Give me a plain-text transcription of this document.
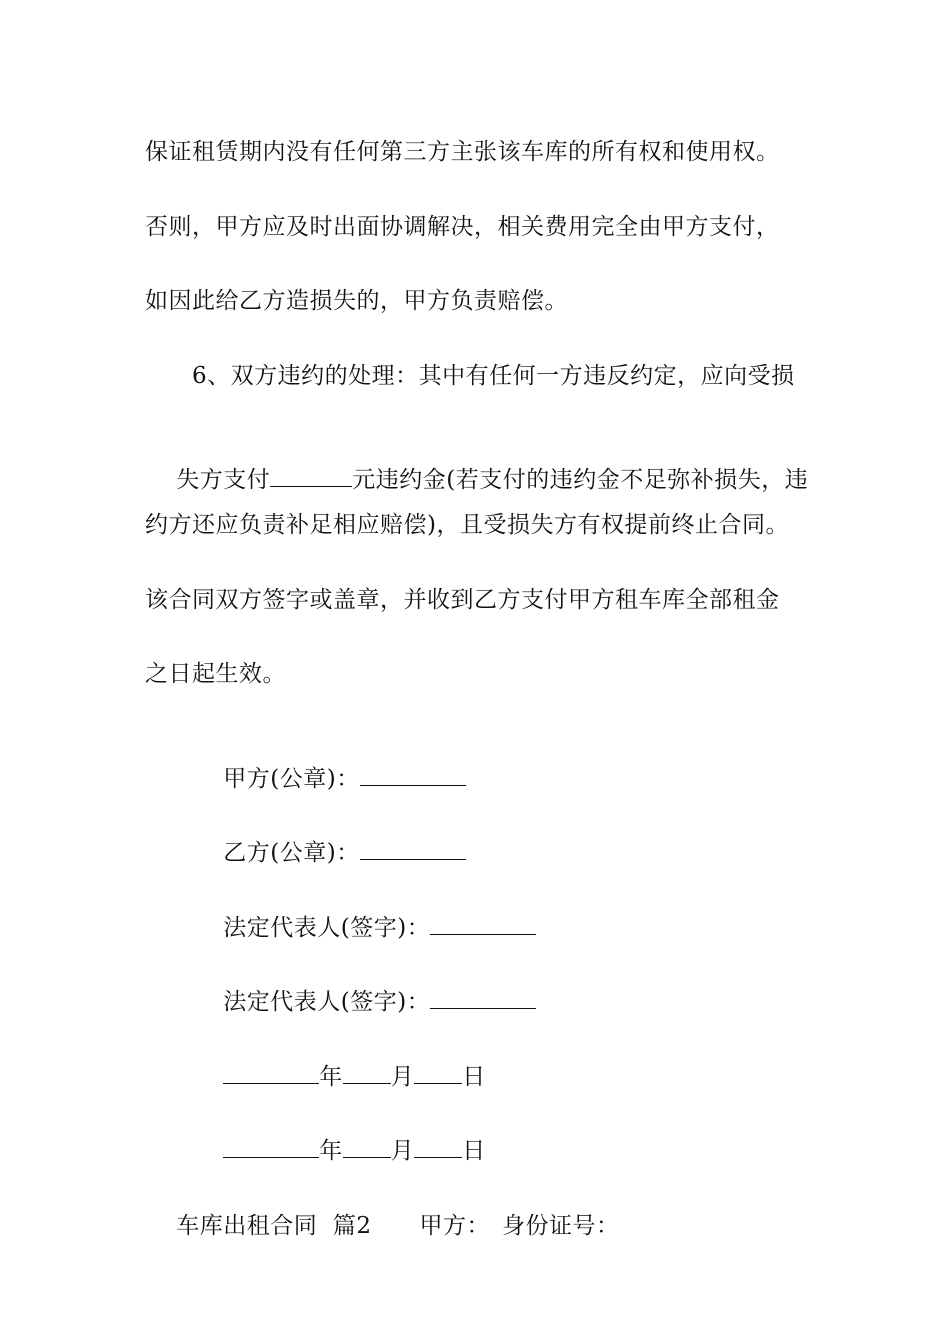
保证租赁期内没有任何第三方主张该车库的所有权和使用权。
否则，甲方应及时出面协调解决，相关费用完全由甲方支付，
如因此给乙方造损失的，甲方负责赔偿。
6、双方违约的处理：其中有任何一方违反约定，应向受损

失方支付	元违约金(若支付的违约金不足弥补损失，违

约方还应负责补足相应赔偿)，且受损失方有权提前终止合同。
该合同双方签字或盖章，并收到乙方支付甲方租车库全部租金
之日起生效。

甲方(公章)：

乙方(公章)：

法定代表人(签字)：

法定代表人(签字)：

年 月 日

年 月 日

车库出租合同  篇2 甲方： 身份证号：
